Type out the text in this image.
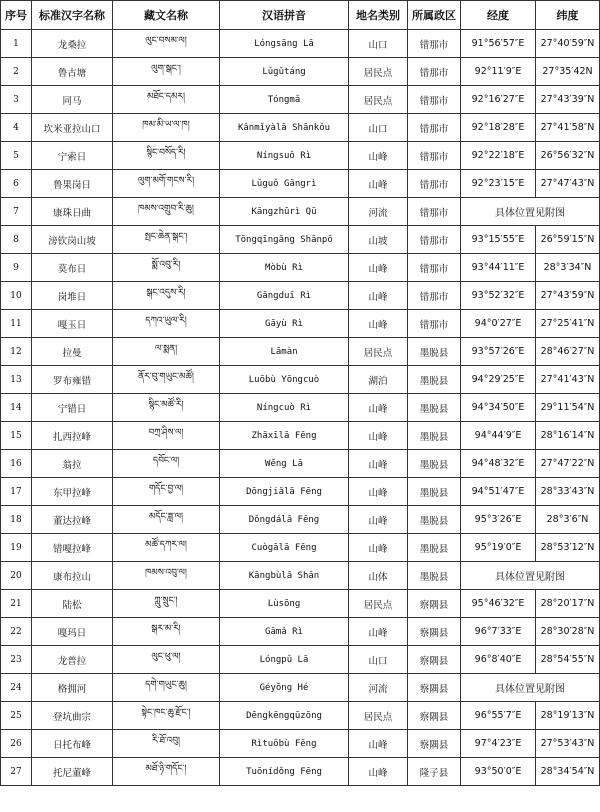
序号	标准汉字名称	藏文名称	汉语拼音	地名类别	所属政区	经度	纬度
1	龙桑拉	ལུང་བསམ་ལ།	Lóngsāng Lā	山口	错那市	91°56′57″E	27°40′59″N
2	鲁古塘	ལུག་སྒང་།	Lǔgǔtáng	居民点	错那市	92°11′9″E	27°35′42N
3	同马	མཐོང་དམར།	Tóngmǎ	居民点	错那市	92°16′27″E	27°43′39″N
4	坎米亚拉山口	ཁམ་མི་ཡ་ལ་ཁ།	Kǎnmǐyàlā Shānkǒu	山口	错那市	92°18′28″E	27°41′58″N
5	宁索日	སྙིང་བསོད་རི།	Níngsuǒ Rì	山峰	错那市	92°22′18″E	26°56′32″N
6	鲁果岗日	ལུག་མགོ་གངས་རི།	Lǔguǒ Gāngrì	山峰	错那市	92°23′15″E	27°47′43″N
7	康珠日曲	ཁམས་འགྲུབ་རི་ཆུ།	Kāngzhūrì Qū	河流	错那市	具体位置见附图	
8	滂钦岗山坡	སྤང་ཆེན་སྒང་།	Tōngqīngāng Shānpō	山坡	错那市	93°15′55″E	26°59′15″N
9	莫布日	སྨོ་འབུ་རི།	Mòbù Rì	山峰	错那市	93°44′11″E	28°3′34″N
10	岗堆日	སྒང་འདུས་རི།	Gāngduī Rì	山峰	错那市	93°52′32″E	27°43′59″N
11	嘎玉日	དཀའ་ཡུལ་རི།	Gāyù Rì	山峰	错那市	94°0′27″E	27°25′41″N
12	拉曼	ལ་སྨན།	Lāmàn	居民点	墨脱县	93°57′26″E	28°46′27″N
13	罗布雍错	ནོར་བུ་གཡུང་མཚོ།	Luōbù Yōngcuò	湖泊	墨脱县	94°29′25″E	27°41′43″N
14	宁错日	སྙིང་མཚོ་རི།	Níngcuò Rì	山峰	墨脱县	94°34′50″E	29°11′54″N
15	扎西拉峰	བཀྲ་ཤིས་ལ།	Zhāxīlā Fēng	山峰	墨脱县	94°44′9″E	28°16′14″N
16	翁拉	དབོང་ལ།	Wēng Lā	山峰	墨脱县	94°48′32″E	27°47′22″N
17	东甲拉峰	གདོང་བྱ་ལ།	Dōngjiǎlā Fēng	山峰	墨脱县	94°51′47″E	28°33′43″N
18	董达拉峰	མདོང་ཟླ་ལ།	Dǒngdálā Fēng	山峰	墨脱县	95°3′26″E	28°3′6″N
19	错嘎拉峰	མཚོ་དཀར་ལ།	Cuògālā Fēng	山峰	墨脱县	95°19′0″E	28°53′12″N
20	康布拉山	ཁམས་འབུ་ལ།	Kāngbùlā Shān	山体	墨脱县	具体位置见附图	
21	陆松	ཀླུ་སྲུང་།	Lùsōng	居民点	察隅县	95°46′32″E	28°20′17″N
22	嘎玛日	སྒར་མ་རི།	Gāmǎ Rì	山峰	察隅县	96°7′33″E	28°30′28″N
23	龙普拉	ལུང་ཕུ་ལ།	Lóngpǔ Lā	山口	察隅县	96°8′40″E	28°54′55″N
24	格拥河	དགེ་གཡུང་ཆུ།	Géyōng Hé	河流	察隅县	具体位置见附图	
25	登坑曲宗	སྟེང་ཁང་ཆུ་རྫོང་།	Dēngkēngqūzōng	居民点	察隅县	96°55′7″E	28°19′13″N
26	日托布峰	རི་ཐོ་འབུ།	Rìtuōbù Fēng	山峰	察隅县	97°4′23″E	27°53′43″N
27	托尼董峰	མཐོ་ཉི་གདོང་།	Tuōnídǒng Fēng	山峰	隆子县	93°50′0″E	28°34′54″N
